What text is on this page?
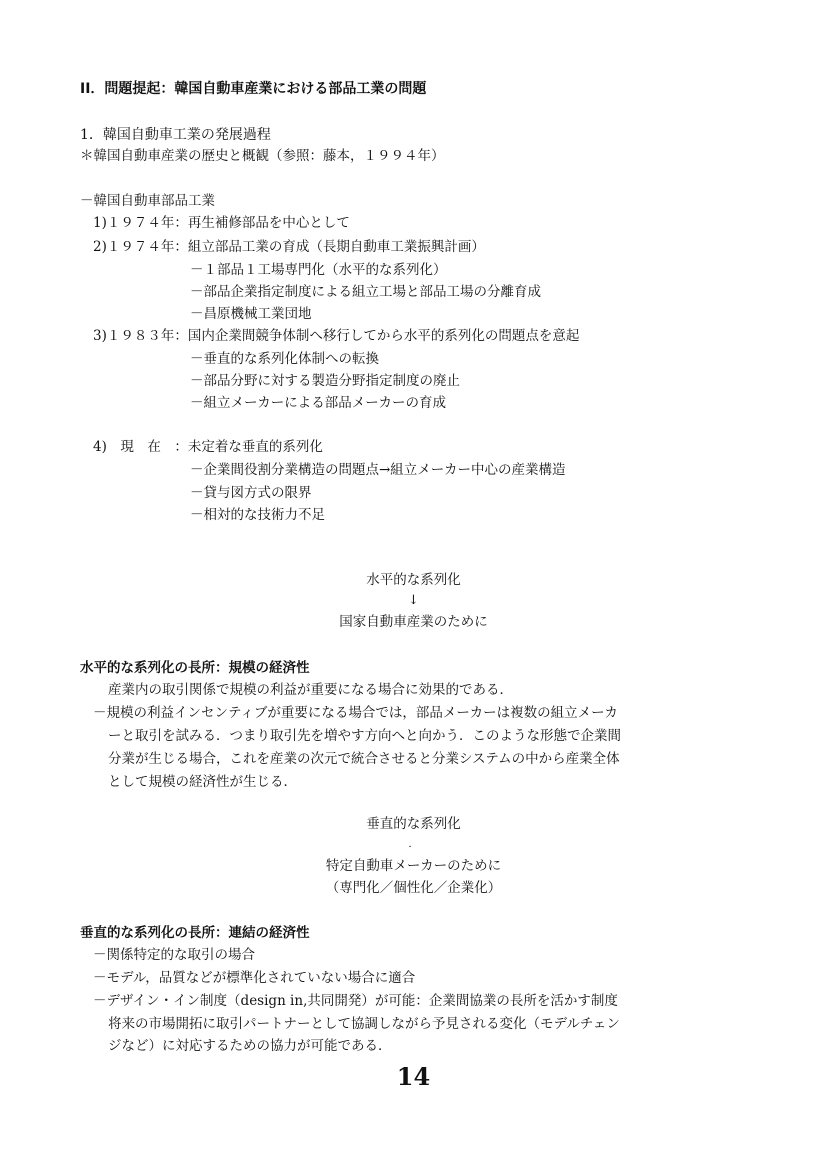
II．問題提起：韓国自動車産業における部品工業の問題
1．韓国自動車工業の発展過程
＊韓国自動車産業の歴史と概観（参照：藤本，１９９４年）
－韓国自動車部品工業
1)１９７４年：再生補修部品を中心として
2)１９７４年：組立部品工業の育成（長期自動車工業振興計画）
－１部品１工場専門化（水平的な系列化）
－部品企業指定制度による組立工場と部品工場の分離育成
－昌原機械工業団地
3)１９８３年：国内企業間競争体制へ移行してから水平的系列化の問題点を意起
－垂直的な系列化体制への転換
－部品分野に対する製造分野指定制度の廃止
－組立メーカーによる部品メーカーの育成
4)　現　在　：未定着な垂直的系列化
－企業間役割分業構造の問題点→組立メーカー中心の産業構造
－貸与図方式の限界
－相対的な技術力不足
水平的な系列化
↓
国家自動車産業のために
水平的な系列化の長所：規模の経済性
産業内の取引関係で規模の利益が重要になる場合に効果的である．
－規模の利益インセンティブが重要になる場合では，部品メーカーは複数の組立メーカ
ーと取引を試みる．つまり取引先を増やす方向へと向かう．このような形態で企業間
分業が生じる場合，これを産業の次元で統合させると分業システムの中から産業全体
として規模の経済性が生じる．
垂直的な系列化
．
特定自動車メーカーのために
（専門化／個性化／企業化）
垂直的な系列化の長所：連結の経済性
－関係特定的な取引の場合
－モデル，品質などが標準化されていない場合に適合
－デザイン・イン制度（design in,共同開発）が可能：企業間協業の長所を活かす制度
将来の市場開拓に取引パートナーとして協調しながら予見される変化（モデルチェン
ジなど）に対応するための協力が可能である．
14
